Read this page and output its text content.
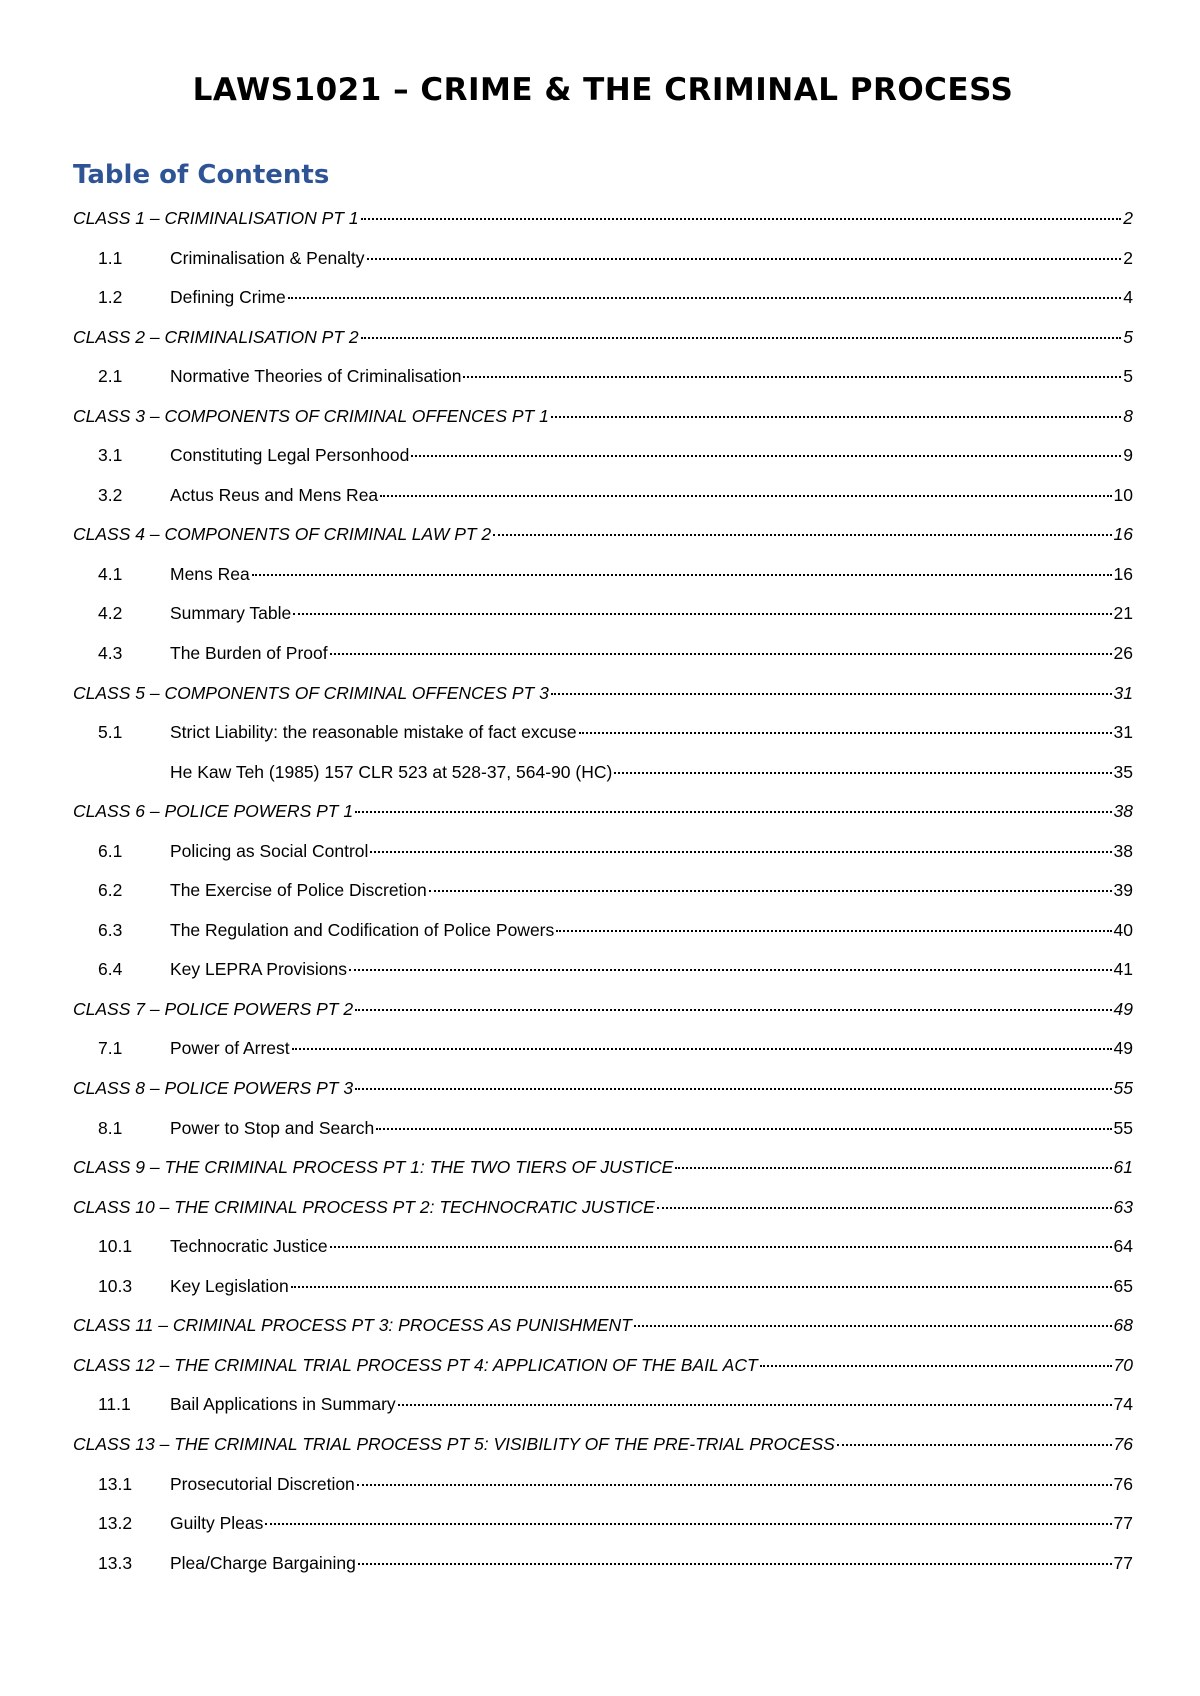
LAWS1021 – CRIME & THE CRIMINAL PROCESS
Table of Contents
CLASS 1 – CRIMINALISATION PT 1	2
1.1	Criminalisation & Penalty	2
1.2	Defining Crime	4
CLASS 2 – CRIMINALISATION PT 2	5
2.1	Normative Theories of Criminalisation	5
CLASS 3 – COMPONENTS OF CRIMINAL OFFENCES PT 1	8
3.1	Constituting Legal Personhood	9
3.2	Actus Reus and Mens Rea	10
CLASS 4 – COMPONENTS OF CRIMINAL LAW PT 2	16
4.1	Mens Rea	16
4.2	Summary Table	21
4.3	The Burden of Proof	26
CLASS 5 – COMPONENTS OF CRIMINAL OFFENCES PT 3	31
5.1	Strict Liability: the reasonable mistake of fact excuse	31
He Kaw Teh (1985) 157 CLR 523 at 528-37, 564-90 (HC)	35
CLASS 6 – POLICE POWERS PT 1	38
6.1	Policing as Social Control	38
6.2	The Exercise of Police Discretion	39
6.3	The Regulation and Codification of Police Powers	40
6.4	Key LEPRA Provisions	41
CLASS 7 – POLICE POWERS PT 2	49
7.1	Power of Arrest	49
CLASS 8 – POLICE POWERS PT 3	55
8.1	Power to Stop and Search	55
CLASS 9 – THE CRIMINAL PROCESS PT 1: THE TWO TIERS OF JUSTICE	61
CLASS 10 – THE CRIMINAL PROCESS PT 2: TECHNOCRATIC JUSTICE	63
10.1	Technocratic Justice	64
10.3	Key Legislation	65
CLASS 11 – CRIMINAL PROCESS PT 3: PROCESS AS PUNISHMENT	68
CLASS 12 – THE CRIMINAL TRIAL PROCESS PT 4: APPLICATION OF THE BAIL ACT	70
11.1	Bail Applications in Summary	74
CLASS 13 – THE CRIMINAL TRIAL PROCESS PT 5: VISIBILITY OF THE PRE-TRIAL PROCESS	76
13.1	Prosecutorial Discretion	76
13.2	Guilty Pleas	77
13.3	Plea/Charge Bargaining	77
